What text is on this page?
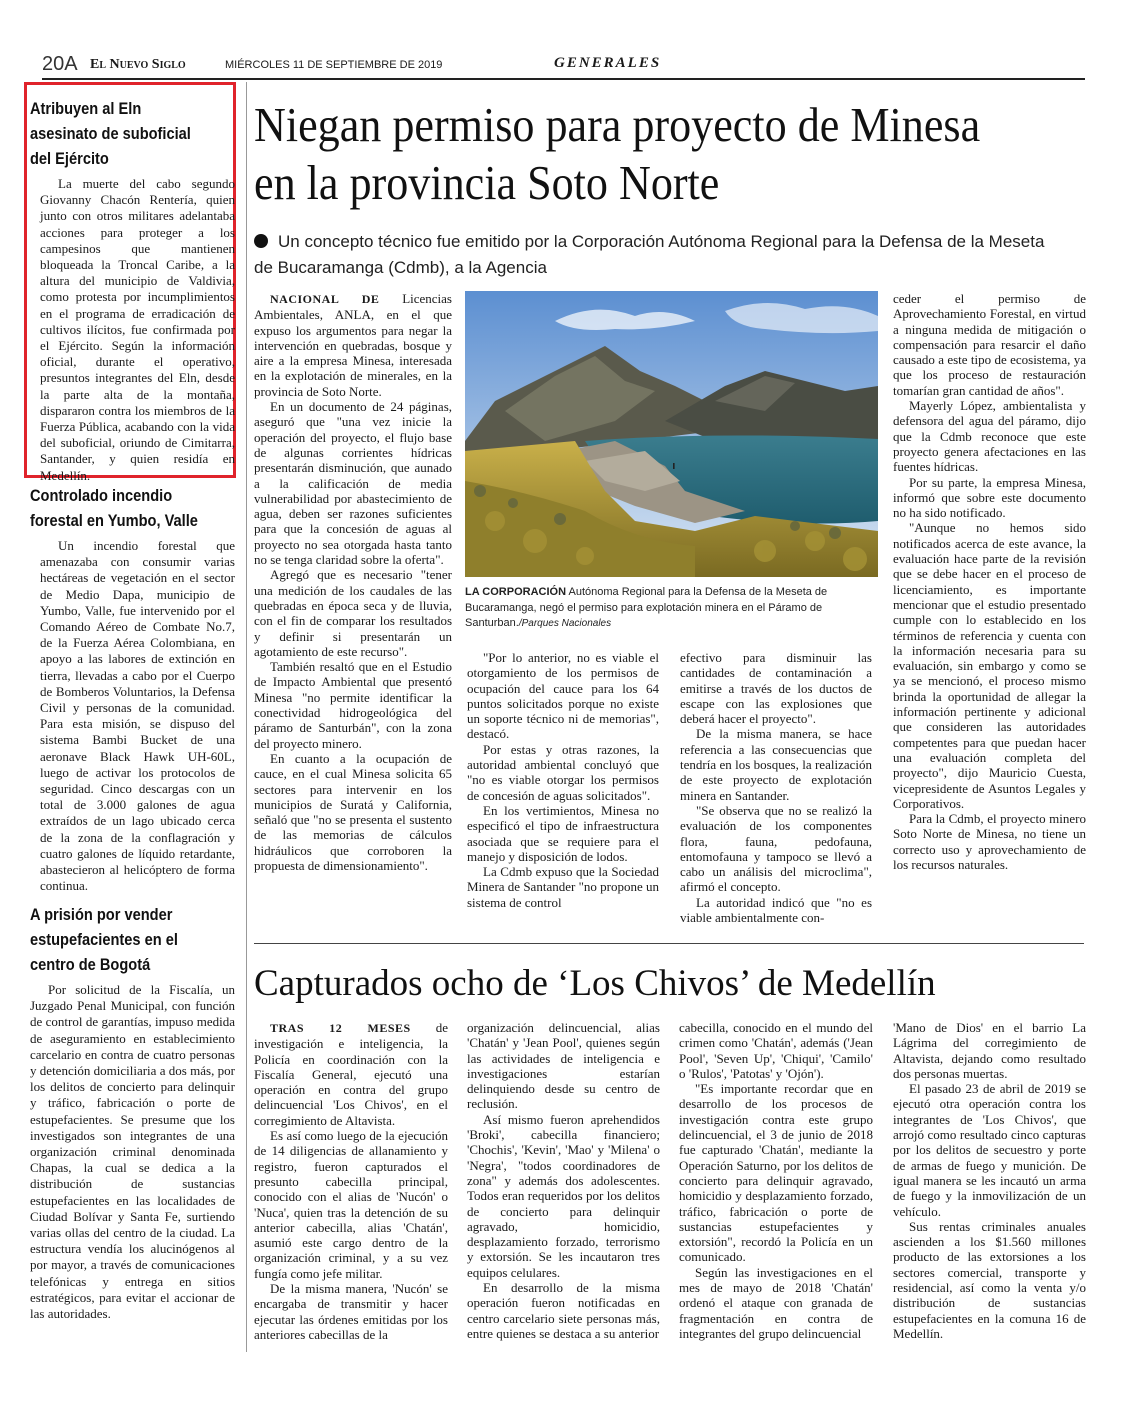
20A El Nuevo Siglo	MIÉRCOLES 11 DE SEPTIEMBRE DE 2019	GENERALES
Atribuyen al Eln asesinato de suboficial del Ejército

La muerte del cabo segundo Giovanny Chacón Rentería, quien junto con otros militares adelantaba acciones para proteger a los campesinos que mantienen bloqueada la Troncal Caribe, a la altura del municipio de Valdivia, como protesta por incumplimientos en el programa de erradicación de cultivos ilícitos, fue confirmada por el Ejército. Según la información oficial, durante el operativo, presuntos integrantes del Eln, desde la parte alta de la montaña, dispararon contra los miembros de la Fuerza Pública, acabando con la vida del suboficial, oriundo de Cimitarra, Santander, y quien residía en Medellín.

Controlado incendio forestal en Yumbo, Valle

Un incendio forestal que amenazaba con consumir varias hectáreas de vegetación en el sector de Medio Dapa, municipio de Yumbo, Valle, fue intervenido por el Comando Aéreo de Combate No.7, de la Fuerza Aérea Colombiana, en apoyo a las labores de extinción en tierra, llevadas a cabo por el Cuerpo de Bomberos Voluntarios, la Defensa Civil y personas de la comunidad. Para esta misión, se dispuso del sistema Bambi Bucket de una aeronave Black Hawk UH-60L, luego de activar los protocolos de seguridad. Cinco descargas con un total de 3.000 galones de agua extraídos de un lago ubicado cerca de la zona de la conflagración y cuatro galones de líquido retardante, abastecieron al helicóptero de forma continua.

A prisión por vender estupefacientes en el centro de Bogotá

Por solicitud de la Fiscalía, un Juzgado Penal Municipal, con función de control de garantías, impuso medida de aseguramiento en establecimiento carcelario en contra de cuatro personas y detención domiciliaria a dos más, por los delitos de concierto para delinquir y tráfico, fabricación o porte de estupefacientes. Se presume que los investigados son integrantes de una organización criminal denominada Chapas, la cual se dedica a la distribución de sustancias estupefacientes en las localidades de Ciudad Bolívar y Santa Fe, surtiendo varias ollas del centro de la ciudad. La estructura vendía los alucinógenos al por mayor, a través de comunicaciones telefónicas y entrega en sitios estratégicos, para evitar el accionar de las autoridades.

Niegan permiso para proyecto de Minesa en la provincia Soto Norte

Un concepto técnico fue emitido por la Corporación Autónoma Regional para la Defensa de la Meseta de Bucaramanga (Cdmb), a la Agencia

NACIONAL DE Licencias Ambientales, ANLA, en el que expuso los argumentos para negar la intervención en quebradas, bosque y aire a la empresa Minesa, interesada en la explotación de minerales, en la provincia de Soto Norte.

En un documento de 24 páginas, aseguró que "una vez inicie la operación del proyecto, el flujo base de algunas corrientes hídricas presentarán disminución, que aunado a la calificación de media vulnerabilidad por abastecimiento de agua, deben ser razones suficientes para que la concesión de aguas al proyecto no sea otorgada hasta tanto no se tenga claridad sobre la oferta".

Agregó que es necesario "tener una medición de los caudales de las quebradas en época seca y de lluvia, con el fin de comparar los resultados y definir si presentarán un agotamiento de este recurso".

También resaltó que en el Estudio de Impacto Ambiental que presentó Minesa "no permite identificar la conectividad hidrogeológica del páramo de Santurbán", con la zona del proyecto minero.

En cuanto a la ocupación de cauce, en el cual Minesa solicita 65 sectores para intervenir en los municipios de Suratá y California, señaló que "no se presenta el sustento de las memorias de cálculos hidráulicos que corroboren la propuesta de dimensionamiento".

LA CORPORACIÓN Autónoma Regional para la Defensa de la Meseta de Bucaramanga, negó el permiso para explotación minera en el Páramo de Santurban./Parques Nacionales

"Por lo anterior, no es viable el otorgamiento de los permisos de ocupación del cauce para los 64 puntos solicitados porque no existe un soporte técnico ni de memorias", destacó.

Por estas y otras razones, la autoridad ambiental concluyó que "no es viable otorgar los permisos de concesión de aguas solicitados".

En los vertimientos, Minesa no especificó el tipo de infraestructura asociada que se requiere para el manejo y disposición de lodos.

La Cdmb expuso que la Sociedad Minera de Santander "no propone un sistema de control

efectivo para disminuir las cantidades de contaminación a emitirse a través de los ductos de escape con las explosiones que deberá hacer el proyecto".

De la misma manera, se hace referencia a las consecuencias que tendría en los bosques, la realización de este proyecto de explotación minera en Santander.

"Se observa que no se realizó la evaluación de los componentes flora, fauna, pedofauna, entomofauna y tampoco se llevó a cabo un análisis del microclima", afirmó el concepto.

La autoridad indicó que "no es viable ambientalmente con-

ceder el permiso de Aprovechamiento Forestal, en virtud a ninguna medida de mitigación o compensación para resarcir el daño causado a este tipo de ecosistema, ya que los proceso de restauración tomarían gran cantidad de años".

Mayerly López, ambientalista y defensora del agua del páramo, dijo que la Cdmb reconoce que este proyecto genera afectaciones en las fuentes hídricas.

Por su parte, la empresa Minesa, informó que sobre este documento no ha sido notificado.

"Aunque no hemos sido notificados acerca de este avance, la evaluación hace parte de la revisión que se debe hacer en el proceso de licenciamiento, es importante mencionar que el estudio presentado cumple con lo establecido en los términos de referencia y cuenta con la información necesaria para su evaluación, sin embargo y como se ya se mencionó, el proceso mismo brinda la oportunidad de allegar la información pertinente y adicional que consideren las autoridades competentes para que puedan hacer una evaluación completa del proyecto", dijo Mauricio Cuesta, vicepresidente de Asuntos Legales y Corporativos.

Para la Cdmb, el proyecto minero Soto Norte de Minesa, no tiene un correcto uso y aprovechamiento de los recursos naturales.

Capturados ocho de ‘Los Chivos’ de Medellín

TRAS 12 MESES de investigación e inteligencia, la Policía en coordinación con la Fiscalía General, ejecutó una operación en contra del grupo delincuencial 'Los Chivos', en el corregimiento de Altavista.

Es así como luego de la ejecución de 14 diligencias de allanamiento y registro, fueron capturados el presunto cabecilla principal, conocido con el alias de 'Nucón' o 'Nuca', quien tras la detención de su anterior cabecilla, alias 'Chatán', asumió este cargo dentro de la organización criminal, y a su vez fungía como jefe militar.

De la misma manera, 'Nucón' se encargaba de transmitir y hacer ejecutar las órdenes emitidas por los anteriores cabecillas de la

organización delincuencial, alias 'Chatán' y 'Jean Pool', quienes según las actividades de inteligencia e investigaciones estarían delinquiendo desde su centro de reclusión.

Así mismo fueron aprehendidos 'Broki', cabecilla financiero; 'Chochis', 'Kevin', 'Mao' y 'Milena' o 'Negra', "todos coordinadores de zona" y además dos adolescentes. Todos eran requeridos por los delitos de concierto para delinquir agravado, homicidio, desplazamiento forzado, terrorismo y extorsión. Se les incautaron tres equipos celulares.

En desarrollo de la misma operación fueron notificadas en centro carcelario siete personas más, entre quienes se destaca a su anterior

cabecilla, conocido en el mundo del crimen como 'Chatán', además ('Jean Pool', 'Seven Up', 'Chiqui', 'Camilo' o 'Rulos', 'Patotas' y 'Ojón').

"Es importante recordar que en desarrollo de los procesos de investigación contra este grupo delincuencial, el 3 de junio de 2018 fue capturado 'Chatán', mediante la Operación Saturno, por los delitos de concierto para delinquir agravado, homicidio y desplazamiento forzado, tráfico, fabricación o porte de sustancias estupefacientes y extorsión", recordó la Policía en un comunicado.

Según las investigaciones en el mes de mayo de 2018 'Chatán' ordenó el ataque con granada de fragmentación en contra de integrantes del grupo delincuencial

'Mano de Dios' en el barrio La Lágrima del corregimiento de Altavista, dejando como resultado dos personas muertas.

El pasado 23 de abril de 2019 se ejecutó otra operación contra los integrantes de 'Los Chivos', que arrojó como resultado cinco capturas por los delitos de secuestro y porte de armas de fuego y munición. De igual manera se les incautó un arma de fuego y la inmovilización de un vehículo.

Sus rentas criminales anuales ascienden a los $1.560 millones producto de las extorsiones a los sectores comercial, transporte y residencial, así como la venta y/o distribución de sustancias estupefacientes en la comuna 16 de Medellín.
